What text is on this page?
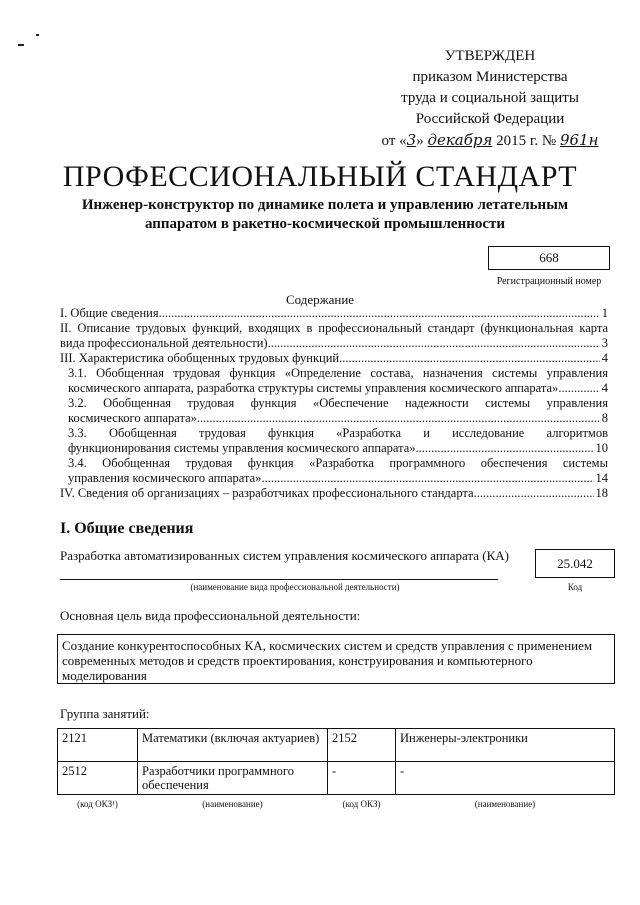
УТВЕРЖДЕН
приказом Министерства
труда и социальной защиты
Российской Федерации
от «3» декабря 2015 г. № 961н
ПРОФЕССИОНАЛЬНЫЙ СТАНДАРТ
Инженер-конструктор по динамике полета и управлению летательным
аппаратом в ракетно-космической промышленности
668
Регистрационный номер
Содержание
I. Общие сведения .....	1
II. Описание трудовых функций, входящих в профессиональный стандарт (функциональная карта
вида профессиональной деятельности) .....	3
III. Характеристика обобщенных трудовых функций .....	4
3.1. Обобщенная трудовая функция «Определение состава, назначения системы управления
космического аппарата, разработка структуры системы управления космического аппарата» .....	4
3.2. Обобщенная трудовая функция «Обеспечение надежности системы управления
космического аппарата» .....	8
3.3. Обобщенная трудовая функция «Разработка и исследование алгоритмов
функционирования системы управления космического аппарата» .....	10
3.4. Обобщенная трудовая функция «Разработка программного обеспечения системы
управления космического аппарата» .....	14
IV. Сведения об организациях – разработчиках профессионального стандарта .....	18
I. Общие сведения
Разработка автоматизированных систем управления космического аппарата (КА)
25.042
(наименование вида профессиональной деятельности)	Код
Основная цель вида профессиональной деятельности:
Создание конкурентоспособных КА, космических систем и средств управления с применением современных методов и средств проектирования, конструирования и компьютерного моделирования
Группа занятий:
2121	Математики (включая актуариев)	2152	Инженеры-электроники
2512	Разработчики программного обеспечения	-	-
(код ОКЗ¹)	(наименование)	(код ОКЗ)	(наименование)
